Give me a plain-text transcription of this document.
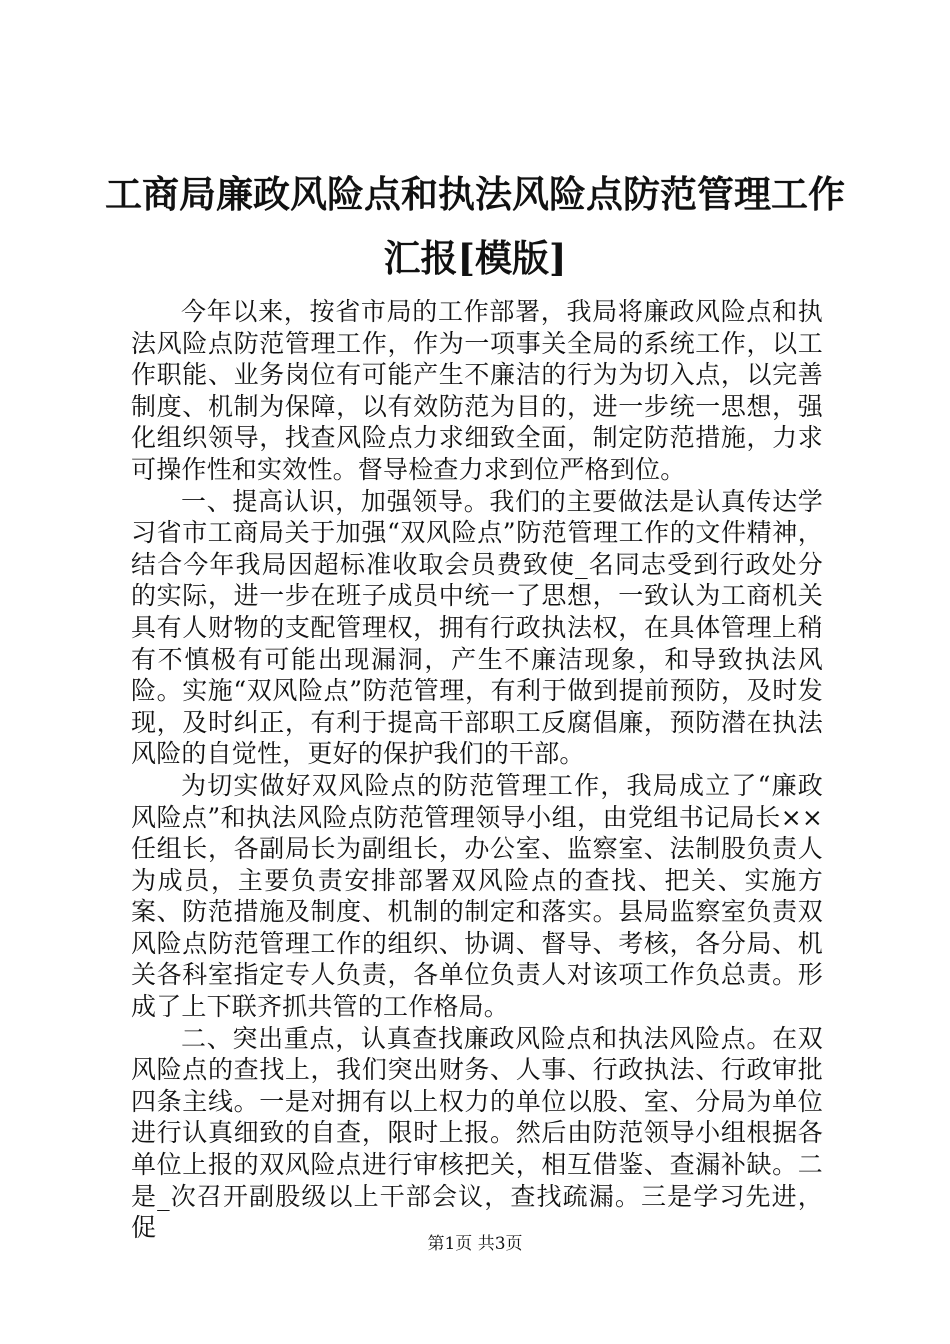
工商局廉政风险点和执法风险点防范管理工作
汇报[模版]

今年以来，按省市局的工作部署，我局将廉政风险点和执法风险点防范管理工作，作为一项事关全局的系统工作，以工作职能、业务岗位有可能产生不廉洁的行为为切入点，以完善制度、机制为保障，以有效防范为目的，进一步统一思想，强化组织领导，找查风险点力求细致全面，制定防范措施，力求可操作性和实效性。督导检查力求到位严格到位。

一、提高认识，加强领导。我们的主要做法是认真传达学习省市工商局关于加强“双风险点”防范管理工作的文件精神，结合今年我局因超标准收取会员费致使_名同志受到行政处分的实际，进一步在班子成员中统一了思想，一致认为工商机关具有人财物的支配管理权，拥有行政执法权，在具体管理上稍有不慎极有可能出现漏洞，产生不廉洁现象，和导致执法风险。实施“双风险点”防范管理，有利于做到提前预防，及时发现，及时纠正，有利于提高干部职工反腐倡廉，预防潜在执法风险的自觉性，更好的保护我们的干部。

为切实做好双风险点的防范管理工作，我局成立了“廉政风险点”和执法风险点防范管理领导小组，由党组书记局长××任组长，各副局长为副组长，办公室、监察室、法制股负责人为成员，主要负责安排部署双风险点的查找、把关、实施方案、防范措施及制度、机制的制定和落实。县局监察室负责双风险点防范管理工作的组织、协调、督导、考核，各分局、机关各科室指定专人负责，各单位负责人对该项工作负总责。形成了上下联齐抓共管的工作格局。

二、突出重点，认真查找廉政风险点和执法风险点。在双风险点的查找上，我们突出财务、人事、行政执法、行政审批四条主线。一是对拥有以上权力的单位以股、室、分局为单位进行认真细致的自查，限时上报。然后由防范领导小组根据各单位上报的双风险点进行审核把关，相互借鉴、查漏补缺。二是_次召开副股级以上干部会议，查找疏漏。三是学习先进，促

第1页 共3页
